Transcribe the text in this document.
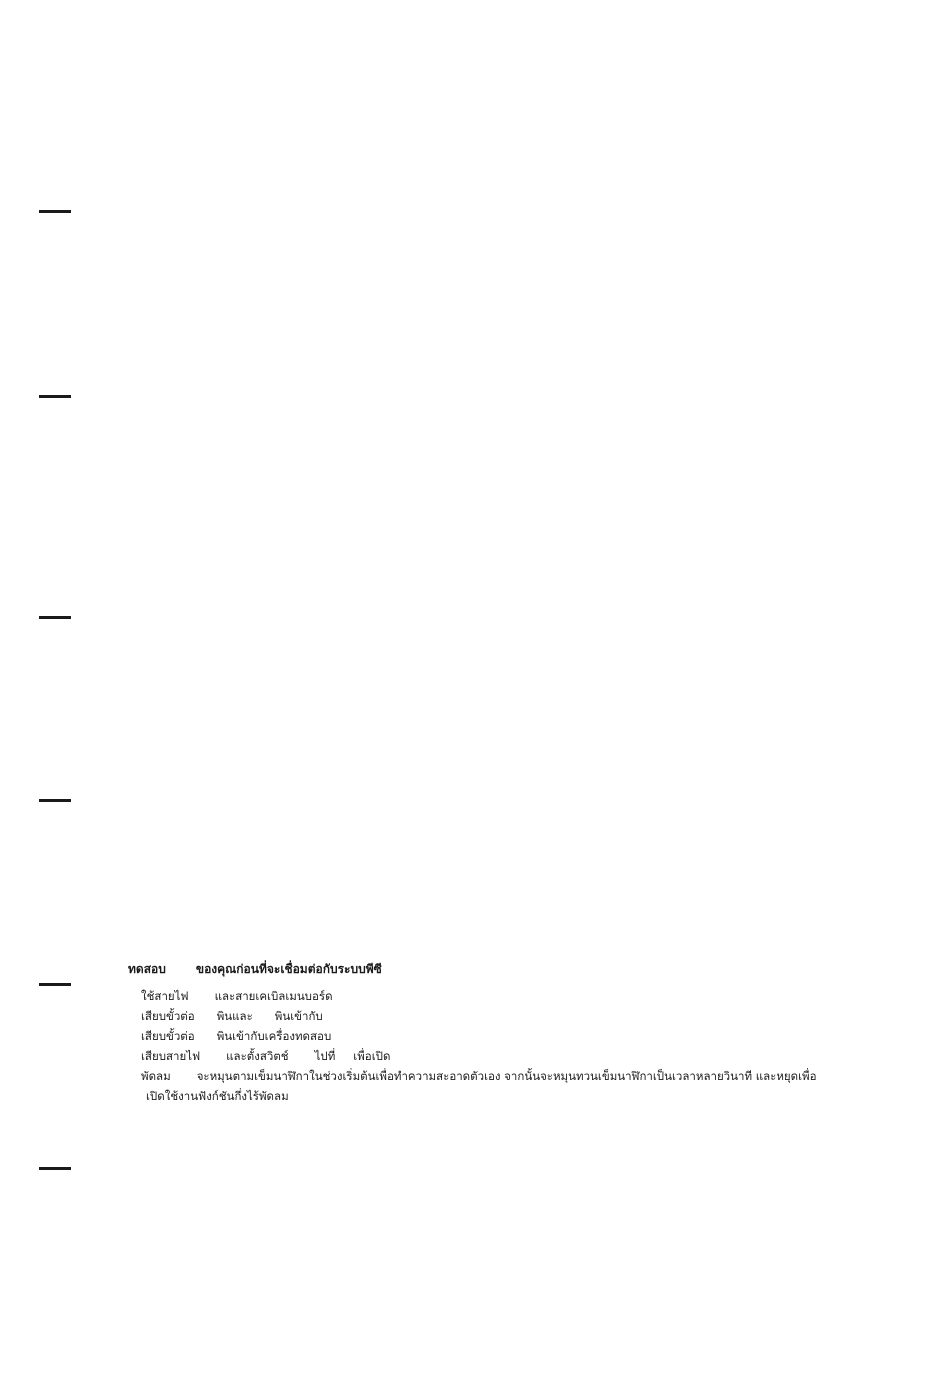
ทดสอบ	ของคุณก่อนที่จะเชื่อมต่อกับระบบพีซี
ใช้สายไฟ และสายเคเบิลเมนบอร์ด
เสียบขั้วต่อ พินและ พินเข้ากับ
เสียบขั้วต่อ พินเข้ากับเครื่องทดสอบ
เสียบสายไฟ และตั้งสวิตช์ ไปที่ เพื่อเปิด
พัดลม จะหมุนตามเข็มนาฬิกาในช่วงเริ่มต้นเพื่อทำความสะอาดตัวเอง จากนั้นจะหมุนทวนเข็มนาฬิกาเป็นเวลาหลายวินาที และหยุดเพื่อ
เปิดใช้งานฟังก์ชันกึ่งไร้พัดลม
